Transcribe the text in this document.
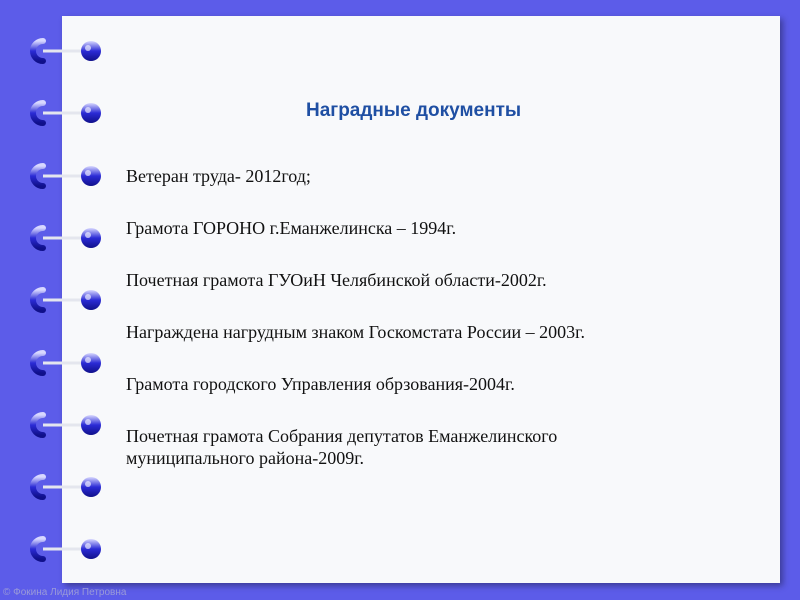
Наградные документы
Ветеран труда- 2012год;
Грамота ГОРОНО г.Еманжелинска – 1994г.
Почетная грамота ГУОиН Челябинской области-2002г.
Награждена нагрудным знаком Госкомстата России – 2003г.
Грамота городского Управления обрзования-2004г.
Почетная грамота Собрания депутатов Еманжелинского
муниципального района-2009г.
© Фокина Лидия Петровна
